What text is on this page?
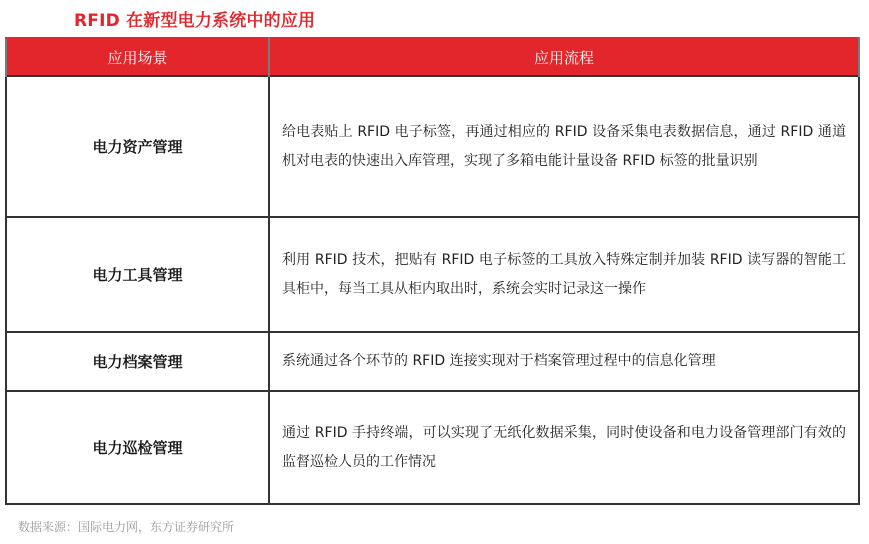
RFID 在新型电力系统中的应用
应用场景	应用流程
电力资产管理	给电表贴上 RFID 电子标签，再通过相应的 RFID 设备采集电表数据信息，通过 RFID 通道机对电表的快速出入库管理，实现了多箱电能计量设备 RFID 标签的批量识别
电力工具管理	利用 RFID 技术，把贴有 RFID 电子标签的工具放入特殊定制并加装 RFID 读写器的智能工具柜中，每当工具从柜内取出时，系统会实时记录这一操作
电力档案管理	系统通过各个环节的 RFID 连接实现对于档案管理过程中的信息化管理
电力巡检管理	通过 RFID 手持终端，可以实现了无纸化数据采集，同时使设备和电力设备管理部门有效的监督巡检人员的工作情况
数据来源：国际电力网，东方证券研究所
